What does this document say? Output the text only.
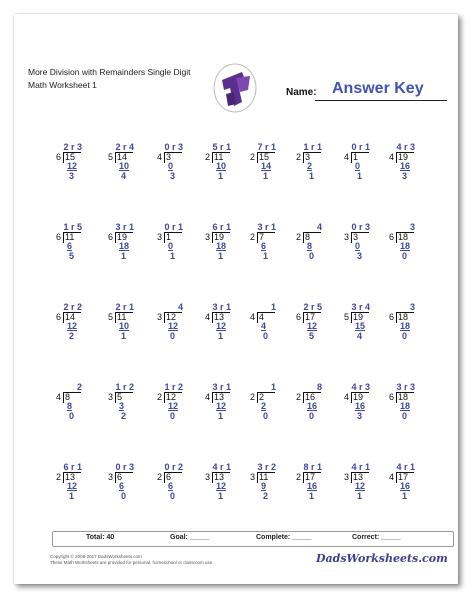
More Division with Remainders Single Digit
Math Worksheet 1
Name: Answer Key
2 r 3
6 15
12
3
2 r 4
5 14
10
4
0 r 3
4 3
0
3
5 r 1
2 11
10
1
7 r 1
2 15
14
1
1 r 1
2 3
2
1
0 r 1
4 1
0
1
4 r 3
4 19
16
3
1 r 5
6 11
6
5
3 r 1
6 19
18
1
0 r 1
3 1
0
1
6 r 1
3 19
18
1
3 r 1
2 7
6
1
4
2 8
8
0
0 r 3
3 3
0
3
3
6 18
18
0
2 r 2
6 14
12
2
2 r 1
5 11
10
1
4
3 12
12
0
3 r 1
4 13
12
1
1
4 4
4
0
2 r 5
6 17
12
5
3 r 4
5 19
15
4
3
6 18
18
0
2
4 8
8
0
1 r 2
3 5
3
2
1 r 2
2 12
12
0
3 r 1
4 13
12
1
1
2 2
2
0
8
2 16
16
0
4 r 3
4 19
16
3
3 r 3
6 18
18
0
6 r 1
2 13
12
1
0 r 3
3 6
6
0
0 r 2
2 6
6
0
4 r 1
3 13
12
1
3 r 2
3 11
9
2
8 r 1
2 17
16
1
4 r 1
3 13
12
1
4 r 1
4 17
16
1
Total: 40	Goal: _____	Complete: _____	Correct: _____
Copyright © 2008-2017 DadsWorksheets.com
These Math Worksheets are provided for personal, homeschool or classroom use.	DadsWorksheets.com
